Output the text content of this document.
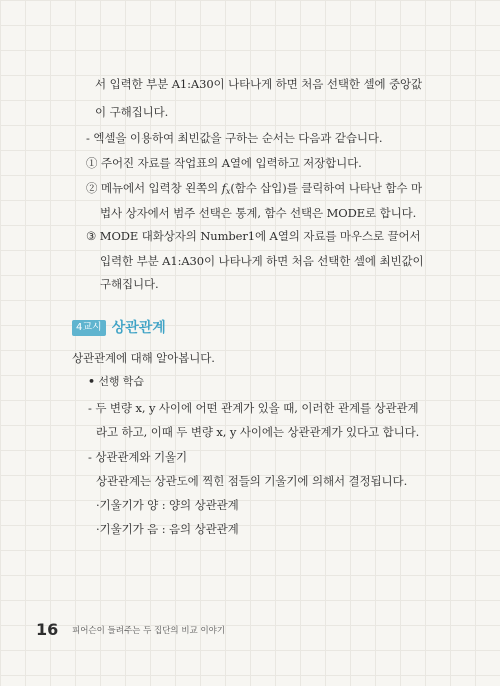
서 입력한 부분 A1:A30이 나타나게 하면 처음 선택한 셀에 중앙값
이 구해집니다.
- 엑셀을 이용하여 최빈값을 구하는 순서는 다음과 같습니다.
① 주어진 자료를 작업표의 A열에 입력하고 저장합니다.
② 메뉴에서 입력창 왼쪽의 fx(함수 삽입)를 클릭하여 나타난 함수 마
법사 상자에서 범주 선택은 통계, 함수 선택은 MODE로 합니다.
③ MODE 대화상자의 Number1에 A열의 자료를 마우스로 끌어서
입력한 부분 A1:A30이 나타나게 하면 처음 선택한 셀에 최빈값이
구해집니다.
4교시 상관관계
상관관계에 대해 알아봅니다.
• 선행 학습
- 두 변량 x, y 사이에 어떤 관계가 있을 때, 이러한 관계를 상관관계
라고 하고, 이때 두 변량 x, y 사이에는 상관관계가 있다고 합니다.
- 상관관계와 기울기
상관관계는 상관도에 찍힌 점들의 기울기에 의해서 결정됩니다.
·기울기가 양 : 양의 상관관계
·기울기가 음 : 음의 상관관계
16 피어슨이 들려주는 두 집단의 비교 이야기
